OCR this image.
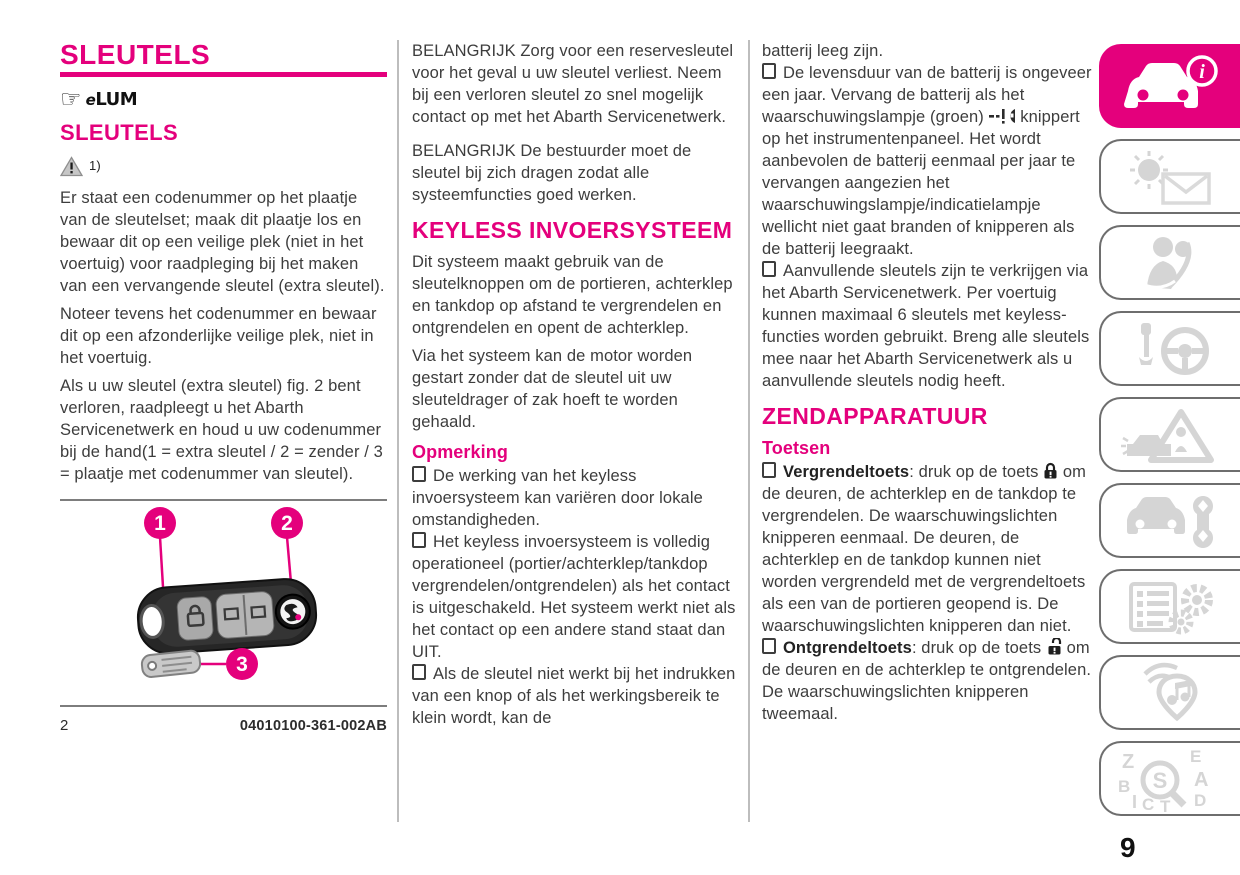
SLEUTELS
☞ eLUM
SLEUTELS
1)

Er staat een codenummer op het plaatje van de sleutelset; maak dit plaatje los en bewaar dit op een veilige plek (niet in het voertuig) voor raadpleging bij het maken van een vervangende sleutel (extra sleutel).

Noteer tevens het codenummer en bewaar dit op een afzonderlijke veilige plek, niet in het voertuig.

Als u uw sleutel (extra sleutel) fig. 2 bent verloren, raadpleegt u het Abarth Servicenetwerk en houd u uw codenummer bij de hand(1 = extra sleutel / 2 = zender / 3 = plaatje met codenummer van sleutel).

1	2
3
2	04010100-361-002AB

BELANGRIJK Zorg voor een reservesleutel voor het geval u uw sleutel verliest. Neem bij een verloren sleutel zo snel mogelijk contact op met het Abarth Servicenetwerk.

BELANGRIJK De bestuurder moet de sleutel bij zich dragen zodat alle systeemfuncties goed werken.

KEYLESS INVOERSYSTEEM

Dit systeem maakt gebruik van de sleutelknoppen om de portieren, achterklep en tankdop op afstand te vergrendelen en ontgrendelen en opent de achterklep.

Via het systeem kan de motor worden gestart zonder dat de sleutel uit uw sleuteldrager of zak hoeft te worden gehaald.

Opmerking

De werking van het keyless invoersysteem kan variëren door lokale omstandigheden.

Het keyless invoersysteem is volledig operationeel (portier/achterklep/tankdop vergrendelen/ontgrendelen) als het contact is uitgeschakeld. Het systeem werkt niet als het contact op een andere stand staat dan UIT.

Als de sleutel niet werkt bij het indrukken van een knop of als het werkingsbereik te klein wordt, kan de

batterij leeg zijn.

De levensduur van de batterij is ongeveer een jaar. Vervang de batterij als het waarschuwingslampje (groen) knippert op het instrumentenpaneel. Het wordt aanbevolen de batterij eenmaal per jaar te vervangen aangezien het waarschuwingslampje/indicatielampje wellicht niet gaat branden of knipperen als de batterij leegraakt.

Aanvullende sleutels zijn te verkrijgen via het Abarth Servicenetwerk. Per voertuig kunnen maximaal 6 sleutels met keyless-functies worden gebruikt. Breng alle sleutels mee naar het Abarth Servicenetwerk als u aanvullende sleutels nodig heeft.

ZENDAPPARATUUR
Toetsen

Vergrendeltoets: druk op de toets om de deuren, de achterklep en de tankdop te vergrendelen. De waarschuwingslichten knipperen eenmaal. De deuren, de achterklep en de tankdop kunnen niet worden vergrendeld met de vergrendeltoets als een van de portieren geopend is. De waarschuwingslichten knipperen dan niet.

Ontgrendeltoets: druk op de toets om de deuren en de achterklep te ontgrendelen. De waarschuwingslichten knipperen tweemaal.

i
Z	E
B	A
I C T D
S
9
